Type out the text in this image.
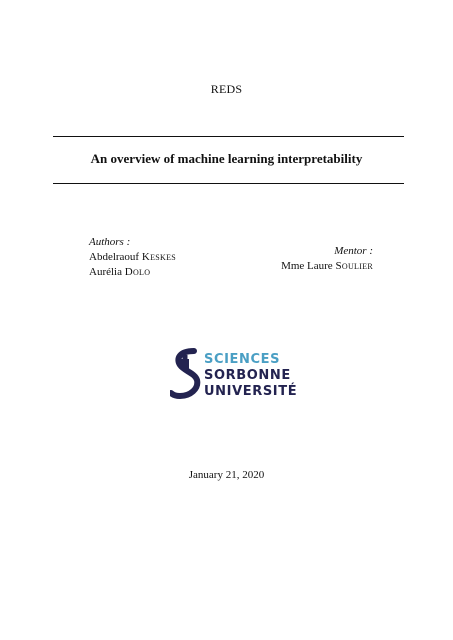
REDS
An overview of machine learning interpretability
Authors :
Abdelraouf Keskes
Aurélia Dolo
Mentor :
Mme Laure Soulier
SCIENCES
SORBONNE
UNIVERSITÉ
January 21, 2020
